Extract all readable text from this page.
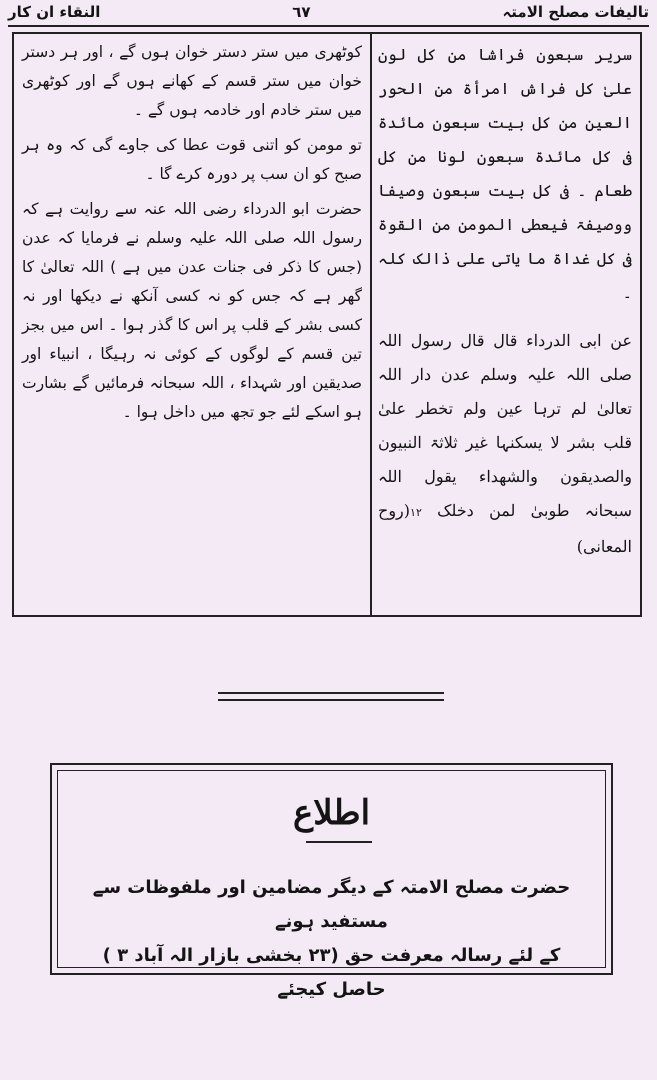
النقاء ان کار	٦٧	تالیفات مصلح الامتہ

سریر سبعون فراشا من کل لون علیٰ کل فراش امرأۃ من الحور العین من کل بیت سبعون مائدۃ فی کل مائدۃ سبعون لونا من کل طعام ۔ فی کل بیت سبعون وصیفا ووصیفۃ فیعطی المومن من القوۃ فی کل غداۃ ما یاتی علی ذالک کلہ ۔

عن ابی الدرداء قال قال رسول اللہ صلی اللہ علیہ وسلم عدن دار اللہ تعالیٰ لم ترہا عین ولم تخطر علیٰ قلب بشر لا یسکنہا غیر ثلاثۃ النبیون والصدیقون والشھداء یقول اللہ سبحانہ طوبیٰ لمن دخلک ١٢(روح المعانی)

کوٹھری میں ستر دستر خوان ہوں گے ، اور ہر دستر خوان میں ستر قسم کے کھانے ہوں گے اور کوٹھری میں ستر خادم اور خادمہ ہوں گے ۔

تو مومن کو اتنی قوت عطا کی جاوے گی کہ وہ ہر صبح کو ان سب پر دورہ کرے گا ۔

حضرت ابو الدرداء رضی اللہ عنہ سے روایت ہے کہ رسول اللہ صلی اللہ علیہ وسلم نے فرمایا کہ عدن (جس کا ذکر فی جنات عدن میں ہے ) اللہ تعالیٰ کا گھر ہے کہ جس کو نہ کسی آنکھ نے دیکھا اور نہ کسی بشر کے قلب پر اس کا گذر ہوا ۔ اس میں بجز تین قسم کے لوگوں کے کوئی نہ رہیگا ، انبیاء اور صدیقین اور شہداء ، اللہ سبحانہ فرمائیں گے بشارت ہو اسکے لئے جو تجھ میں داخل ہوا ۔

اطلاع

حضرت مصلح الامتہ کے دیگر مضامین اور ملفوظات سے مستفید ہونے

کے لئے رسالہ معرفت حق (٢٣ بخشی بازار الہ آباد ٣ ) حاصل کیجئے
